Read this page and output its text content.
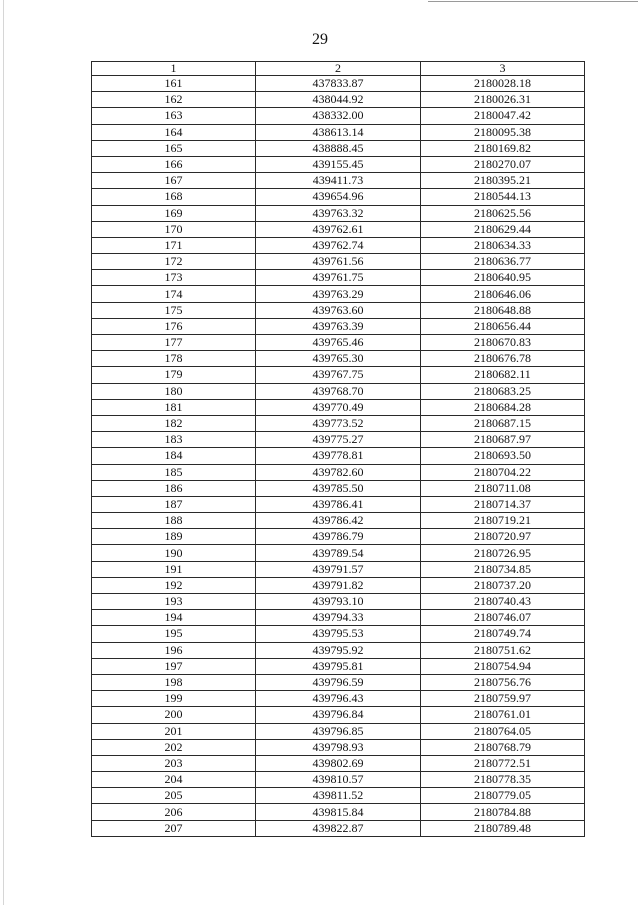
29
1	2	3
161	437833.87	2180028.18
162	438044.92	2180026.31
163	438332.00	2180047.42
164	438613.14	2180095.38
165	438888.45	2180169.82
166	439155.45	2180270.07
167	439411.73	2180395.21
168	439654.96	2180544.13
169	439763.32	2180625.56
170	439762.61	2180629.44
171	439762.74	2180634.33
172	439761.56	2180636.77
173	439761.75	2180640.95
174	439763.29	2180646.06
175	439763.60	2180648.88
176	439763.39	2180656.44
177	439765.46	2180670.83
178	439765.30	2180676.78
179	439767.75	2180682.11
180	439768.70	2180683.25
181	439770.49	2180684.28
182	439773.52	2180687.15
183	439775.27	2180687.97
184	439778.81	2180693.50
185	439782.60	2180704.22
186	439785.50	2180711.08
187	439786.41	2180714.37
188	439786.42	2180719.21
189	439786.79	2180720.97
190	439789.54	2180726.95
191	439791.57	2180734.85
192	439791.82	2180737.20
193	439793.10	2180740.43
194	439794.33	2180746.07
195	439795.53	2180749.74
196	439795.92	2180751.62
197	439795.81	2180754.94
198	439796.59	2180756.76
199	439796.43	2180759.97
200	439796.84	2180761.01
201	439796.85	2180764.05
202	439798.93	2180768.79
203	439802.69	2180772.51
204	439810.57	2180778.35
205	439811.52	2180779.05
206	439815.84	2180784.88
207	439822.87	2180789.48
